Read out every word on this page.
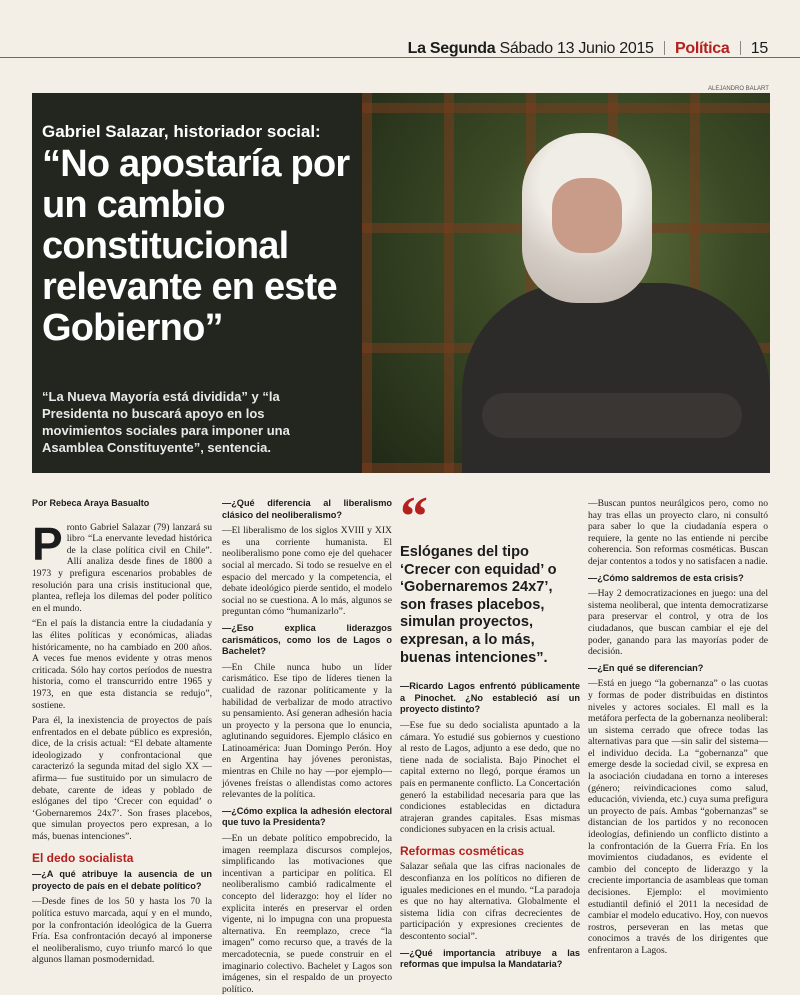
La Segunda Sábado 13 Junio 2015 Política 15
ALEJANDRO BALART
Gabriel Salazar, historiador social:
“No apostaría por un cambio constitucional relevante en este Gobierno”
“La Nueva Mayoría está dividida” y “la Presidenta no buscará apoyo en los movimientos sociales para imponer una Asamblea Constituyente”, sentencia.
Por Rebeca Araya Basualto

Pronto Gabriel Salazar (79) lanzará su libro “La enervante levedad histórica de la clase política civil en Chile”. Allí analiza desde fines de 1800 a 1973 y prefigura escenarios probables de resolución para una crisis institucional que, plantea, refleja los dilemas del poder político en el mundo.

“En el país la distancia entre la ciudadanía y las élites políticas y económicas, aliadas históricamente, no ha cambiado en 200 años. A veces fue menos evidente y otras menos criticada. Sólo hay cortos períodos de nuestra historia, como el transcurrido entre 1965 y 1973, en que esta distancia se redujo”, sostiene.

Para él, la inexistencia de proyectos de país enfrentados en el debate público es expresión, dice, de la crisis actual: “El debate altamente ideologizado y confrontacional que caracterizó la segunda mitad del siglo XX —afirma— fue sustituido por un simulacro de debate, carente de ideas y poblado de eslóganes del tipo ‘Crecer con equidad’ o ‘Gobernaremos 24x7’. Son frases placebos, que simulan proyectos pero expresan, a lo más, buenas intenciones”.

El dedo socialista

—¿A qué atribuye la ausencia de un proyecto de país en el debate político?

—Desde fines de los 50 y hasta los 70 la política estuvo marcada, aquí y en el mundo, por la confrontación ideológica de la Guerra Fría. Esa confrontación decayó al imponerse el neoliberalismo, cuyo triunfo marcó lo que algunos llaman posmodernidad.

—¿Qué diferencia al liberalismo clásico del neoliberalismo?

—El liberalismo de los siglos XVIII y XIX es una corriente humanista. El neoliberalismo pone como eje del quehacer social al mercado. Si todo se resuelve en el espacio del mercado y la competencia, el debate ideológico pierde sentido, el modelo social no se cuestiona. A lo más, algunos se preguntan cómo “humanizarlo”.

—¿Eso explica liderazgos carismáticos, como los de Lagos o Bachelet?

—En Chile nunca hubo un líder carismático. Ese tipo de líderes tienen la cualidad de razonar políticamente y la habilidad de verbalizar de modo atractivo su pensamiento. Así generan adhesión hacia un proyecto y la persona que lo enuncia, aglutinando seguidores. Ejemplo clásico en Latinoamérica: Juan Domingo Perón. Hoy en Argentina hay jóvenes peronistas, mientras en Chile no hay —por ejemplo— jóvenes freístas o allendistas como actores relevantes de la política.

—¿Cómo explica la adhesión electoral que tuvo la Presidenta?

—En un debate político empobrecido, la imagen reemplaza discursos complejos, simplificando las motivaciones que incentivan a participar en política. El neoliberalismo cambió radicalmente el concepto del liderazgo: hoy el líder no explicita interés en preservar el orden vigente, ni lo impugna con una propuesta alternativa. En reemplazo, crece “la imagen” como recurso que, a través de la mercadotecnia, se puede construir en el imaginario colectivo. Bachelet y Lagos son imágenes, sin el respaldo de un proyecto político.

“
Eslóganes del tipo ‘Crecer con equidad’ o ‘Gobernaremos 24x7’, son frases placebos, simulan proyectos, expresan, a lo más, buenas intenciones”.

—Ricardo Lagos enfrentó públicamente a Pinochet. ¿No estableció así un proyecto distinto?

—Ese fue su dedo socialista apuntado a la cámara. Yo estudié sus gobiernos y cuestiono al resto de Lagos, adjunto a ese dedo, que no tiene nada de socialista. Bajo Pinochet el capital externo no llegó, porque éramos un país en permanente conflicto. La Concertación generó la estabilidad necesaria para que las condiciones establecidas en dictadura atrajeran grandes capitales. Esas mismas condiciones subyacen en la crisis actual.

Reformas cosméticas

Salazar señala que las cifras nacionales de desconfianza en los políticos no difieren de iguales mediciones en el mundo. “La paradoja es que no hay alternativa. Globalmente el sistema lidia con cifras decrecientes de participación y expresiones crecientes de descontento social”.

—¿Qué importancia atribuye a las reformas que impulsa la Mandataria?

—Buscan puntos neurálgicos pero, como no hay tras ellas un proyecto claro, ni consultó para saber lo que la ciudadanía espera o requiere, la gente no las entiende ni percibe coherencia. Son reformas cosméticas. Buscan dejar contentos a todos y no satisfacen a nadie.

—¿Cómo saldremos de esta crisis?

—Hay 2 democratizaciones en juego: una del sistema neoliberal, que intenta democratizarse para preservar el control, y otra de los ciudadanos, que buscan cambiar el eje del poder, ganando para las mayorías poder de decisión.

—¿En qué se diferencian?

—Está en juego “la gobernanza” o las cuotas y formas de poder distribuidas en distintos niveles y actores sociales. El mall es la metáfora perfecta de la gobernanza neoliberal: un sistema cerrado que ofrece todas las alternativas para que —sin salir del sistema— el individuo decida. La “gobernanza” que emerge desde la sociedad civil, se expresa en la asociación ciudadana en torno a intereses (género; reivindicaciones como salud, educación, vivienda, etc.) cuya suma prefigura un proyecto de país. Ambas “gobernanzas” se distancian de los partidos y no reconocen ideologías, definiendo un conflicto distinto a la confrontación de la Guerra Fría. En los movimientos ciudadanos, es evidente el cambio del concepto de liderazgo y la creciente importancia de asambleas que toman decisiones. Ejemplo: el movimiento estudiantil definió el 2011 la necesidad de cambiar el modelo educativo. Hoy, con nuevos rostros, perseveran en las metas que conocimos a través de los dirigentes que enfrentaron a Lagos.
